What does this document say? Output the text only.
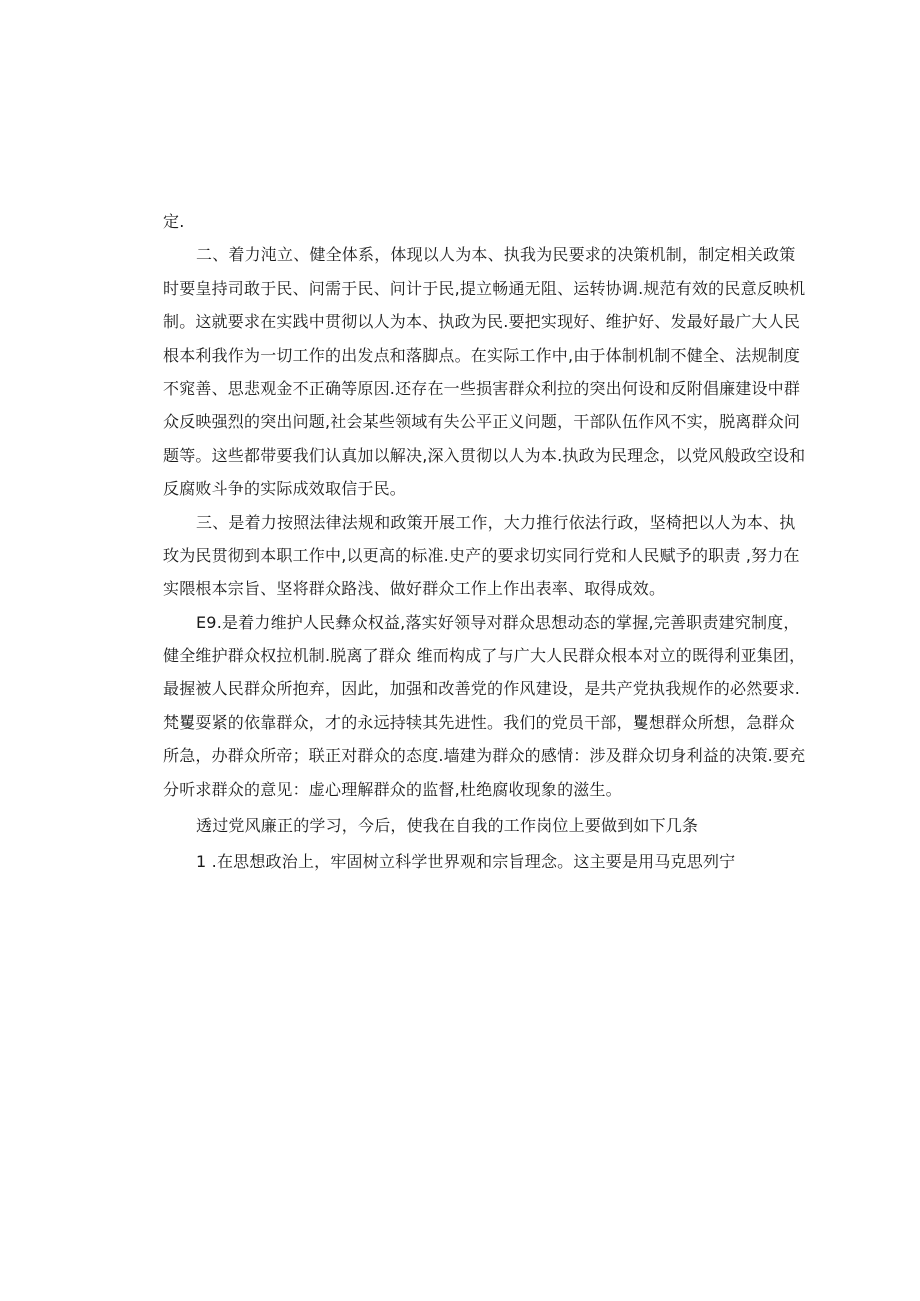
定.
二、着力沌立、健全体系，体现以人为本、执我为民要求的决策机制，制定相关政策
时要皇持司敢于民、问需于民、问计于民,提立畅通无阻、运转协调.规范有效的民意反映机
制。这就要求在实践中贯彻以人为本、执政为民.要把实现好、维护好、发最好最广大人民
根本利我作为一切工作的出发点和落脚点。在实际工作中,由于体制机制不健全、法规制度
不窕善、思悲观金不正确等原因.还存在一些损害群众利拉的突出何设和反附倡廉建设中群
众反映强烈的突出问题,社会某些领域有失公平正义问题，干部队伍作风不实，脱离群众问
题等。这些都带要我们认真加以解决,深入贯彻以人为本.执政为民理念，以党风般政空设和
反腐败斗争的实际成效取信于民。
三、是着力按照法律法规和政策开展工作，大力推行依法行政，坚椅把以人为本、执
玫为民贯彻到本职工作中,以更高的标准.史产的要求切实同行党和人民赋予的职责 ,努力在
实隈根本宗旨、坚将群众路浅、做好群众工作上作出表率、取得成效。
E9.是着力维护人民彝众权益,落实好领导对群众思想动态的掌握,完善职责建究制度，
健全维护群众权拉机制.脱离了群众 维而构成了与广大人民群众根本对立的既得利亚集团，
最握被人民群众所抱弃，因此，加强和改善党的作风建设，是共产党执我规作的必然要求.
梵矍耍紧的依靠群众，才的永远持犊其先进性。我们的党员干部，矍想群众所想，急群众
所急，办群众所帝；联正对群众的态度.墙建为群众的感情：涉及群众切身利益的决策.要充
分听求群众的意见：虚心理解群众的监督,杜绝腐收现象的滋生。
透过党风廉正的学习，今后，使我在自我的工作岗位上要做到如下几条
1 .在思想政治上，牢固树立科学世界观和宗旨理念。这主要是用马克思列宁
